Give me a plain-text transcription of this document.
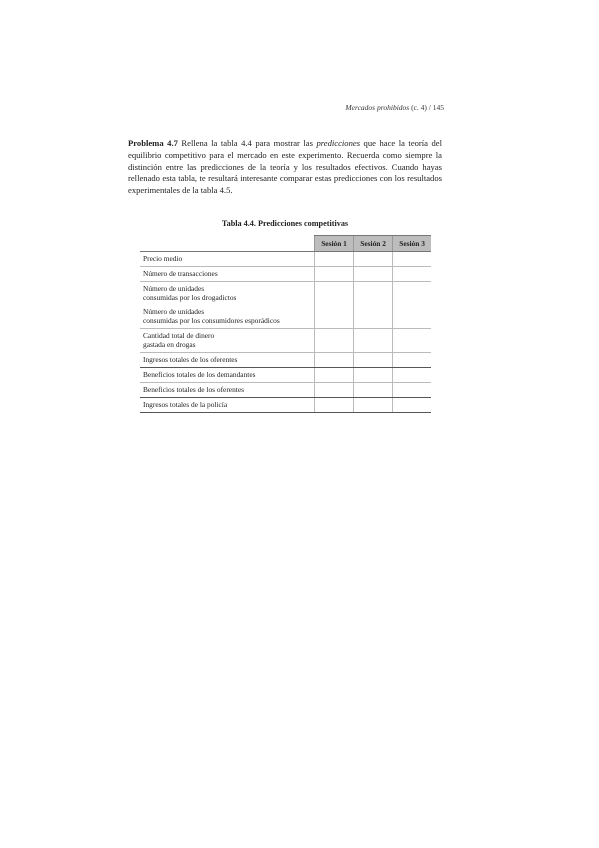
Mercados prohibidos (c. 4) / 145
Problema 4.7 Rellena la tabla 4.4 para mostrar las predicciones que hace la teoría del equilibrio competitivo para el mercado en este experimento. Recuerda como siempre la distinción entre las predicciones de la teoría y los resultados efectivos. Cuando hayas rellenado esta tabla, te resultará interesante comparar estas predicciones con los resultados experimentales de la tabla 4.5.
Tabla 4.4. Predicciones competitivas
	Sesión 1	Sesión 2	Sesión 3
Precio medio			
Número de transacciones			
Número de unidades
consumidas por los drogadictos			
Número de unidades
consumidas por los consumidores esporádicos			
Cantidad total de dinero
gastada en drogas			
Ingresos totales de los oferentes			
Beneficios totales de los demandantes			
Beneficios totales de los oferentes			
Ingresos totales de la policía			
